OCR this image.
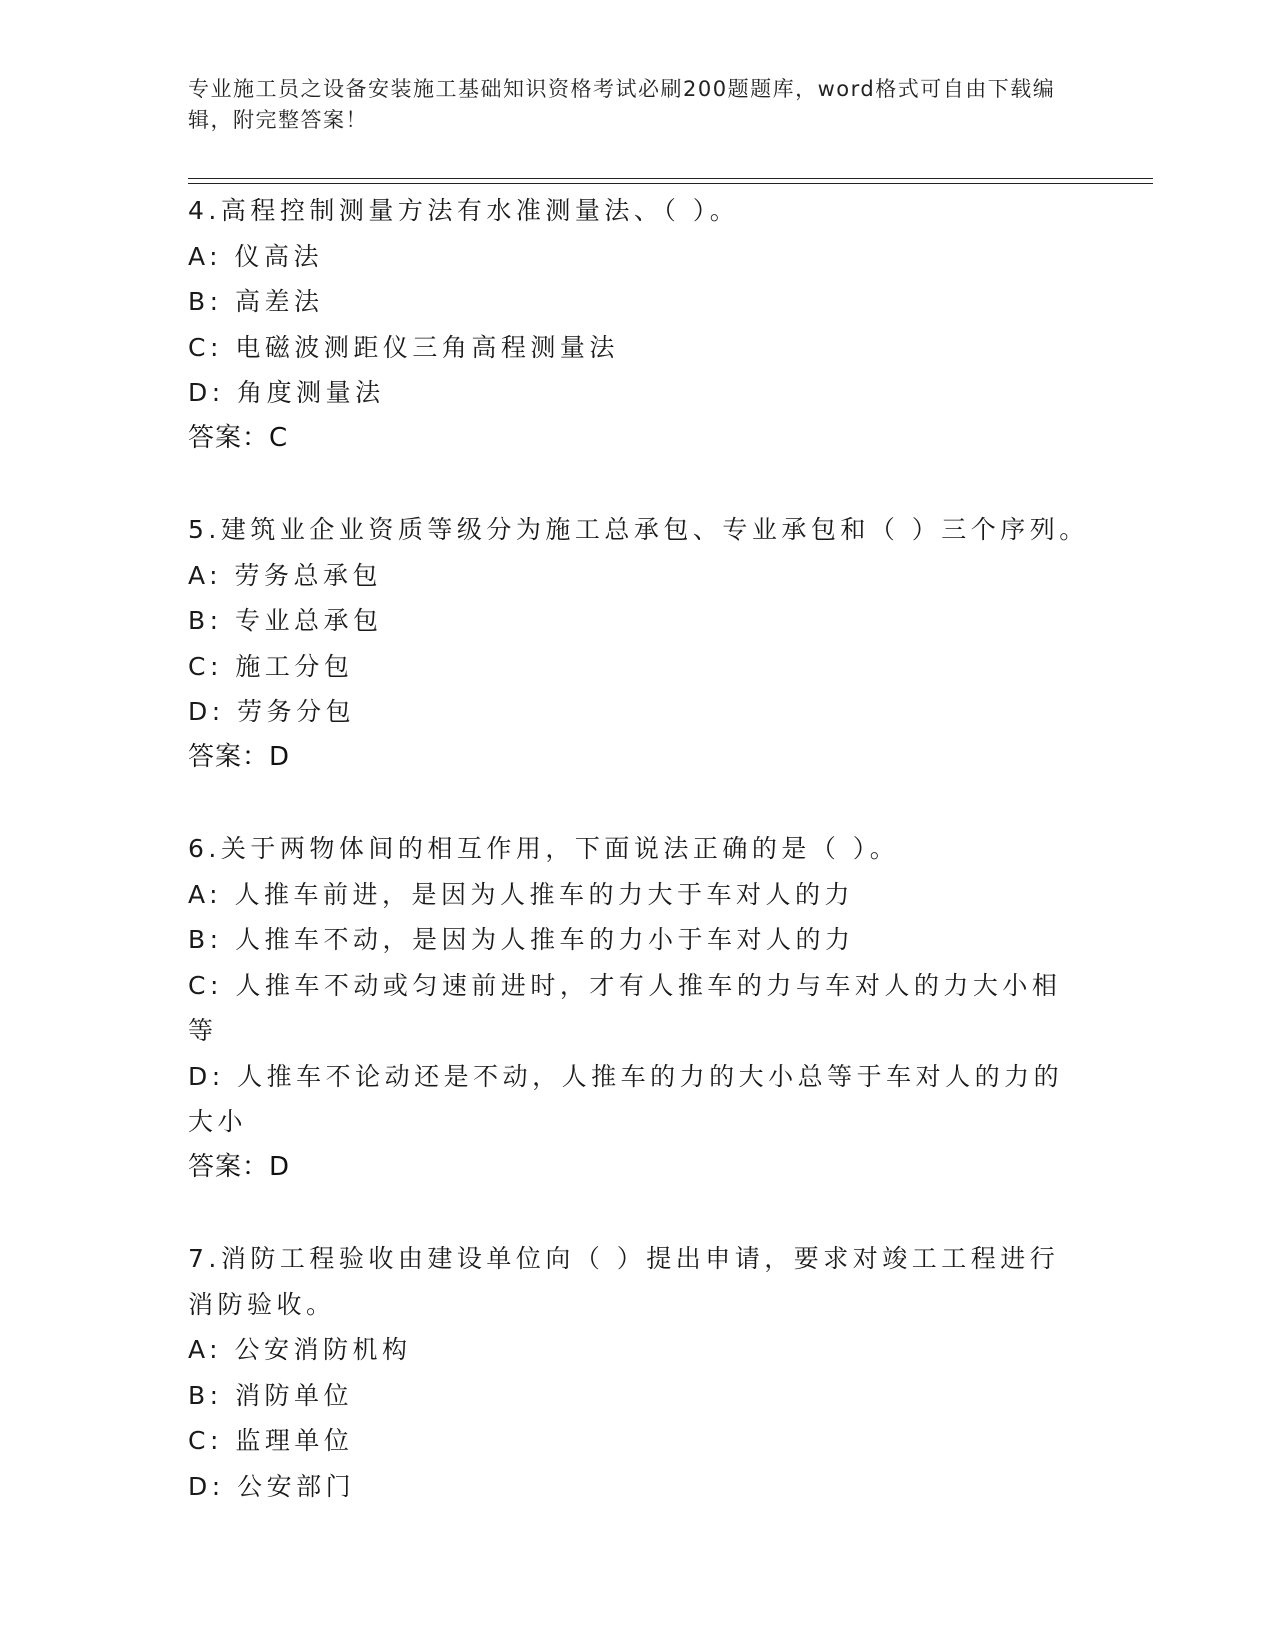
专业施工员之设备安装施工基础知识资格考试必刷200题题库，word格式可自由下载编辑，附完整答案！
4.高程控制测量方法有水准测量法、（ ）。
A: 仪高法
B: 高差法
C: 电磁波测距仪三角高程测量法
D: 角度测量法
答案：C
5.建筑业企业资质等级分为施工总承包、专业承包和（ ）三个序列。
A: 劳务总承包
B: 专业总承包
C: 施工分包
D: 劳务分包
答案：D
6.关于两物体间的相互作用，下面说法正确的是（ ）。
A: 人推车前进，是因为人推车的力大于车对人的力
B: 人推车不动，是因为人推车的力小于车对人的力
C: 人推车不动或匀速前进时，才有人推车的力与车对人的力大小相等
D: 人推车不论动还是不动，人推车的力的大小总等于车对人的力的大小
答案：D
7.消防工程验收由建设单位向（ ）提出申请，要求对竣工工程进行消防验收。
A: 公安消防机构
B: 消防单位
C: 监理单位
D: 公安部门
